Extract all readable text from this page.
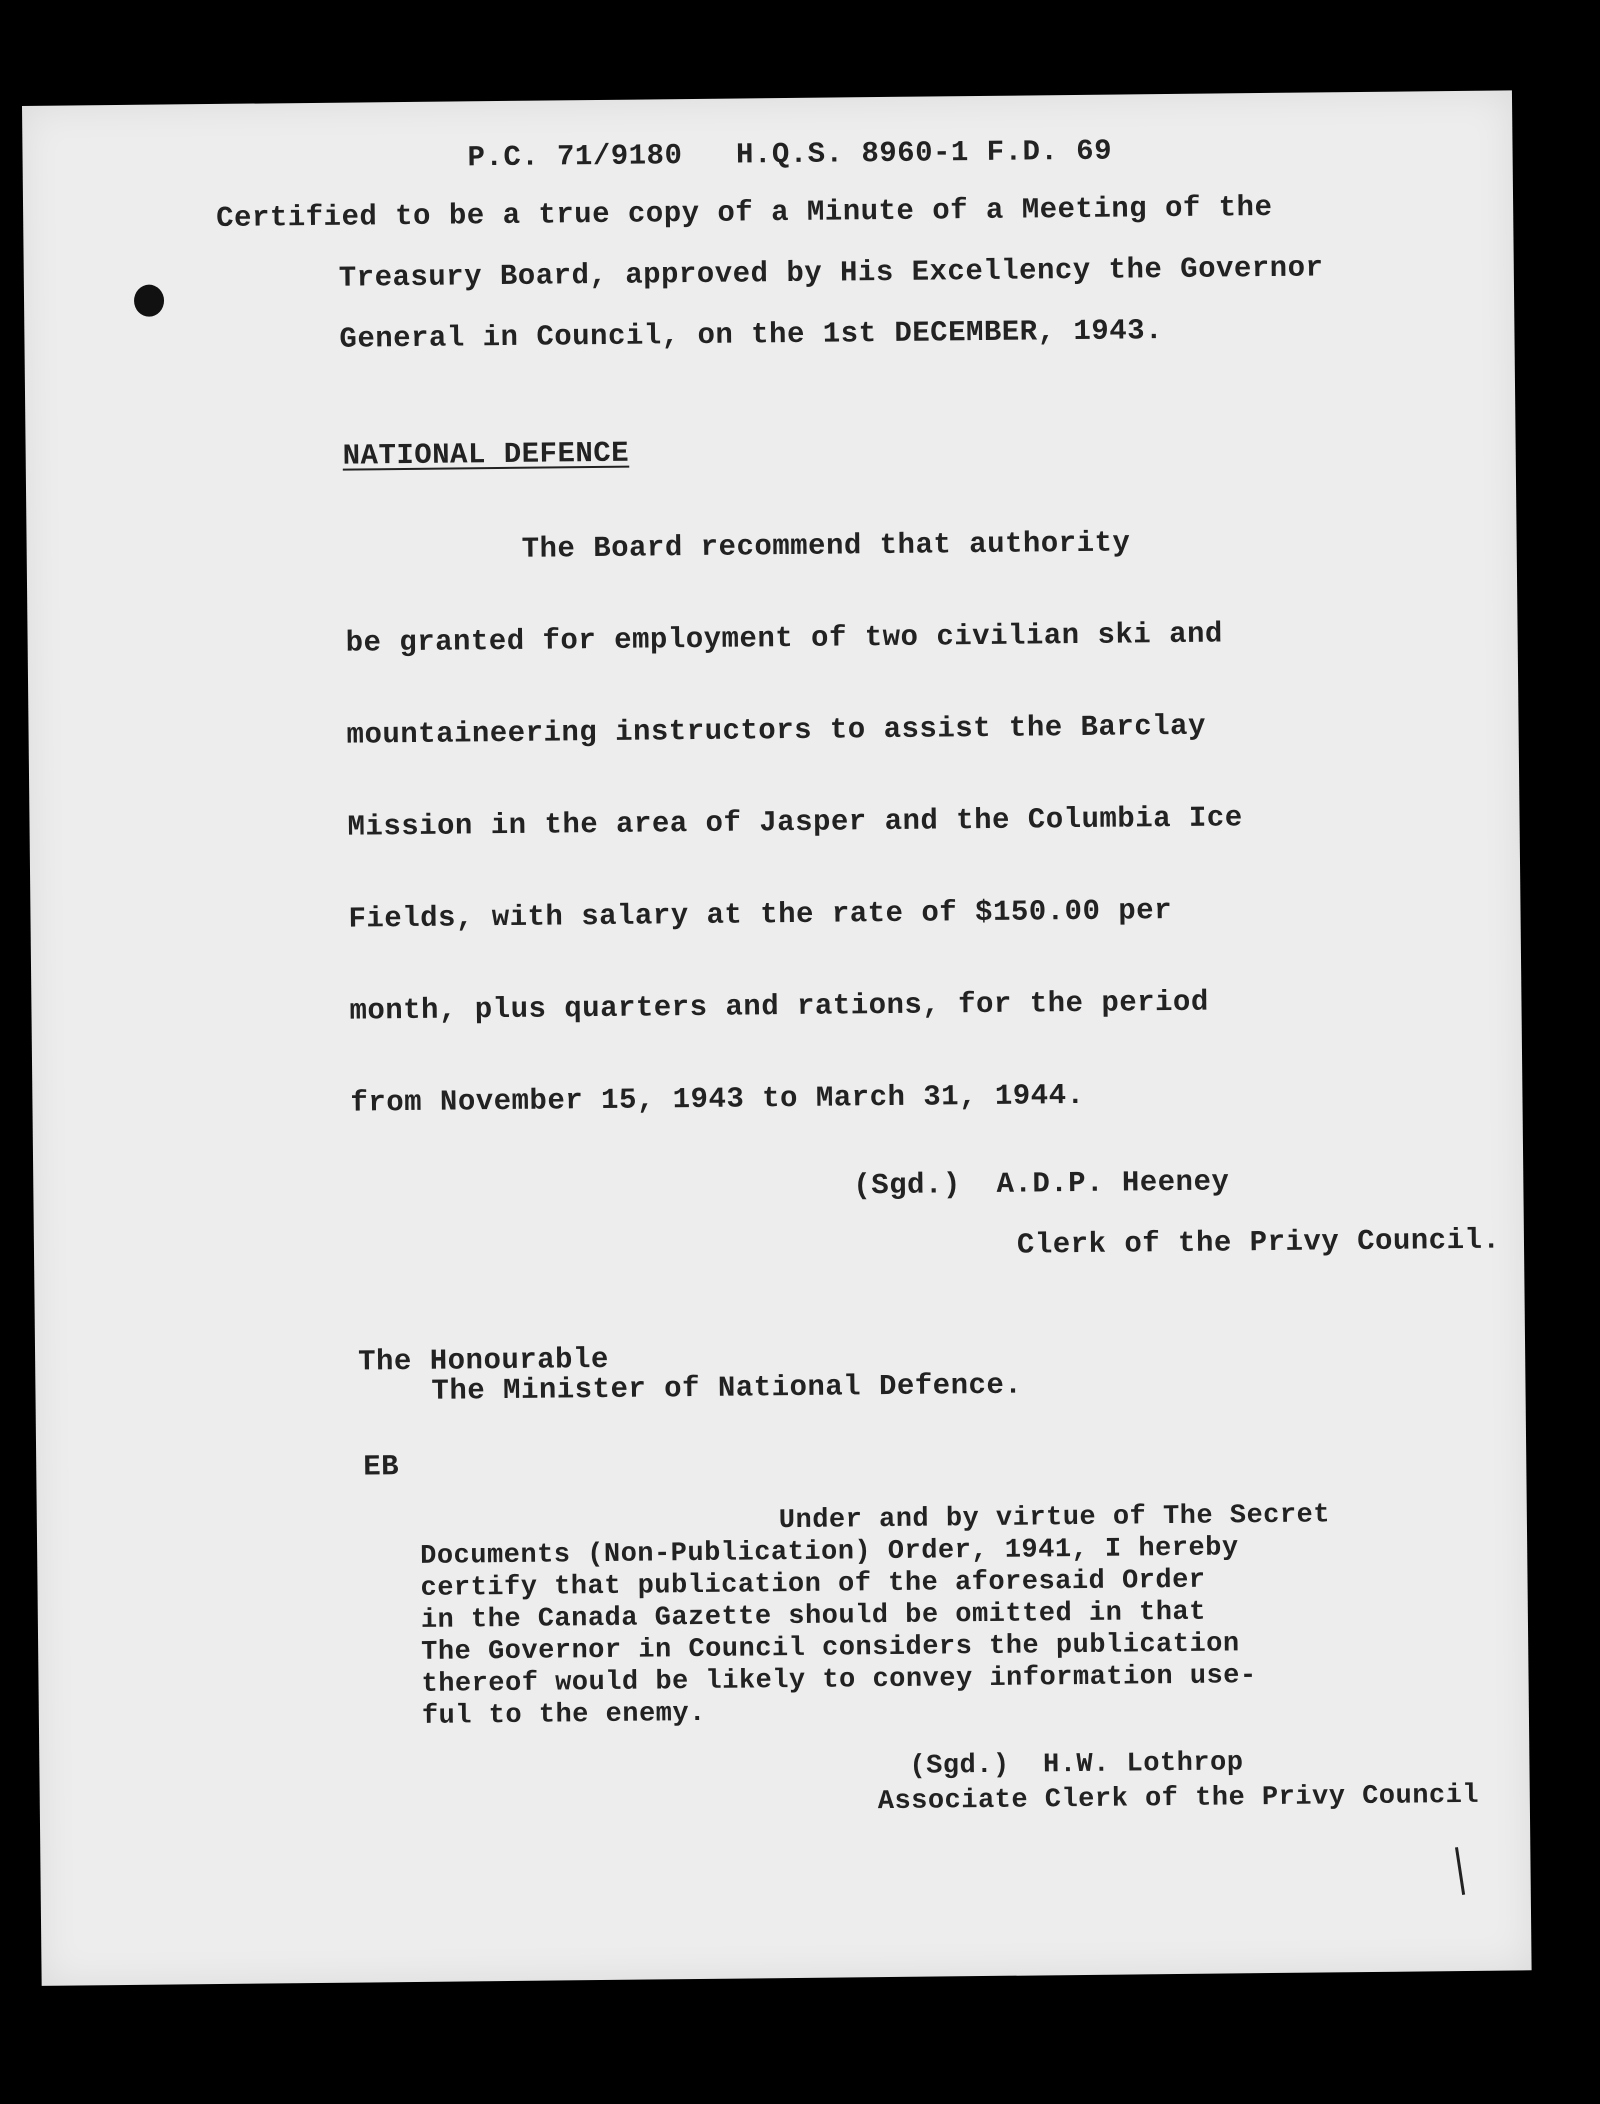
P.C. 71/9180   H.Q.S. 8960-1 F.D. 69
Certified to be a true copy of a Minute of a Meeting of the
Treasury Board, approved by His Excellency the Governor
General in Council, on the 1st DECEMBER, 1943.
NATIONAL DEFENCE
The Board recommend that authority
be granted for employment of two civilian ski and
mountaineering instructors to assist the Barclay
Mission in the area of Jasper and the Columbia Ice
Fields, with salary at the rate of $150.00 per
month, plus quarters and rations, for the period
from November 15, 1943 to March 31, 1944.
(Sgd.)  A.D.P. Heeney
Clerk of the Privy Council.
The Honourable
The Minister of National Defence.
EB
Under and by virtue of The Secret
Documents (Non-Publication) Order, 1941, I hereby
certify that publication of the aforesaid Order
in the Canada Gazette should be omitted in that
The Governor in Council considers the publication
thereof would be likely to convey information use-
ful to the enemy.
(Sgd.)  H.W. Lothrop
Associate Clerk of the Privy Council
